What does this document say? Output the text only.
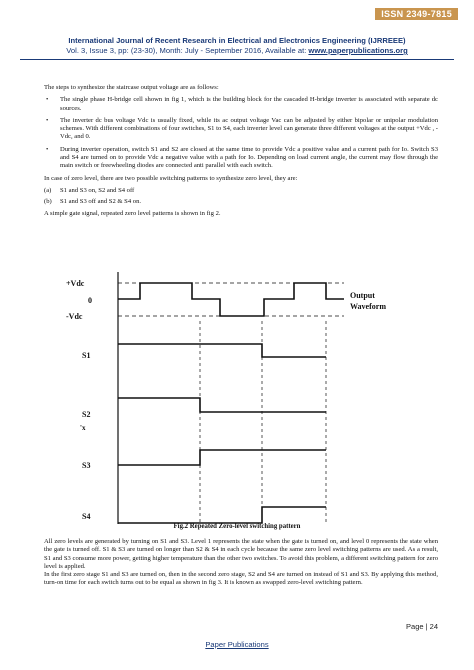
ISSN 2349-7815
International Journal of Recent Research in Electrical and Electronics Engineering (IJRREEE)
Vol. 3, Issue 3, pp: (23-30), Month: July - September 2016, Available at: www.paperpublications.org

The steps to synthesize the staircase output voltage are as follows:

•	The single phase H-bridge cell shown in fig 1, which is the building block for the cascaded H-bridge inverter is associated with separate dc sources.
•	The inverter dc bus voltage Vdc is usually fixed, while its ac output voltage Vac can be adjusted by either bipolar or unipolar modulation schemes. With different combinations of four switches, S1 to S4, each inverter level can generate three different voltages at the output +Vdc , -Vdc, and 0.
•	During inverter operation, switch S1 and S2 are closed at the same time to provide Vdc a positive value and a current path for Io. Switch S3 and S4 are turned on to provide Vdc a negative value with a path for Io. Depending on load current angle, the current may flow through the main switch or freewheeling diodes are connected anti parallel with each switch.

In case of zero level, there are two possible switching patterns to synthesize zero level, they are:

(a)	S1 and S3 on, S2 and S4 off
(b)	S1 and S3 off and S2 & S4 on.

A simple gate signal, repeated zero level patterns is shown in fig 2.

+Vdc
0
-Vdc
Output
Waveform
S1
S2
S3
S4
'x
Fig.2 Repeated Zero-level switching pattern

All zero levels are generated by turning on S1 and S3. Level 1 represents the state when the gate is turned on, and level 0 represents the state when the gate is turned off. S1 & S3 are turned on longer than S2 & S4 in each cycle because the same zero level switching patterns are used. As a result, S1 and S3 consume more power, getting higher temperature than the other two switches. To avoid this problem, a different switching pattern for zero level is applied.

In the first zero stage S1 and S3 are turned on, then in the second zero stage, S2 and S4 are turned on instead of S1 and S3. By applying this method, turn-on time for each switch turns out to be equal as shown in fig 3. It is known as swapped zero-level switching pattern.

Page | 24
Paper Publications
